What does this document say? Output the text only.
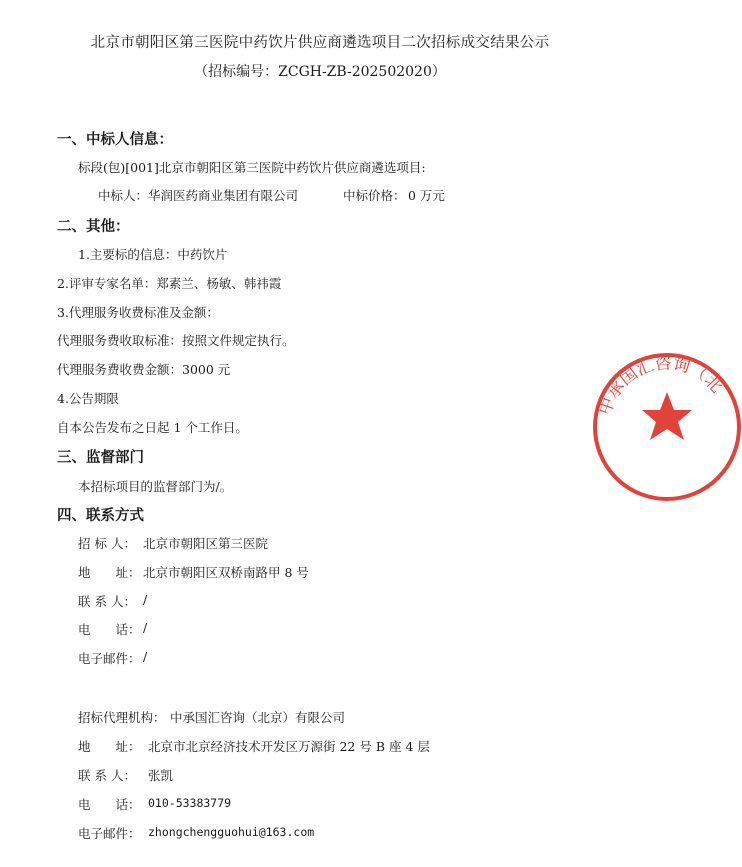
北京市朝阳区第三医院中药饮片供应商遴选项目二次招标成交结果公示
（招标编号：ZCGH-ZB-202502020）
一、中标人信息：
标段(包)[001]北京市朝阳区第三医院中药饮片供应商遴选项目:
中标人： 华润医药商业集团有限公司	中标价格： 0 万元
二、其他：
1.主要标的信息：中药饮片
2.评审专家名单：郑素兰、杨敏、韩祎霞
3.代理服务收费标准及金额：
代理服务费收取标准：按照文件规定执行。
代理服务费收费金额：3000 元
4.公告期限
自本公告发布之日起 1 个工作日。
三、监督部门
本招标项目的监督部门为/。
四、联系方式
招 标 人： 北京市朝阳区第三医院
地　　址： 北京市朝阳区双桥南路甲 8 号
联 系 人： /
电　　话： /
电子邮件： /
招标代理机构： 中承国汇咨询（北京）有限公司
地　　址： 北京市北京经济技术开发区万源街 22 号 B 座 4 层
联 系 人： 张凯
电　　话： 010-53383779
电子邮件： zhongchengguohui@163.com
中承国汇咨询（北
